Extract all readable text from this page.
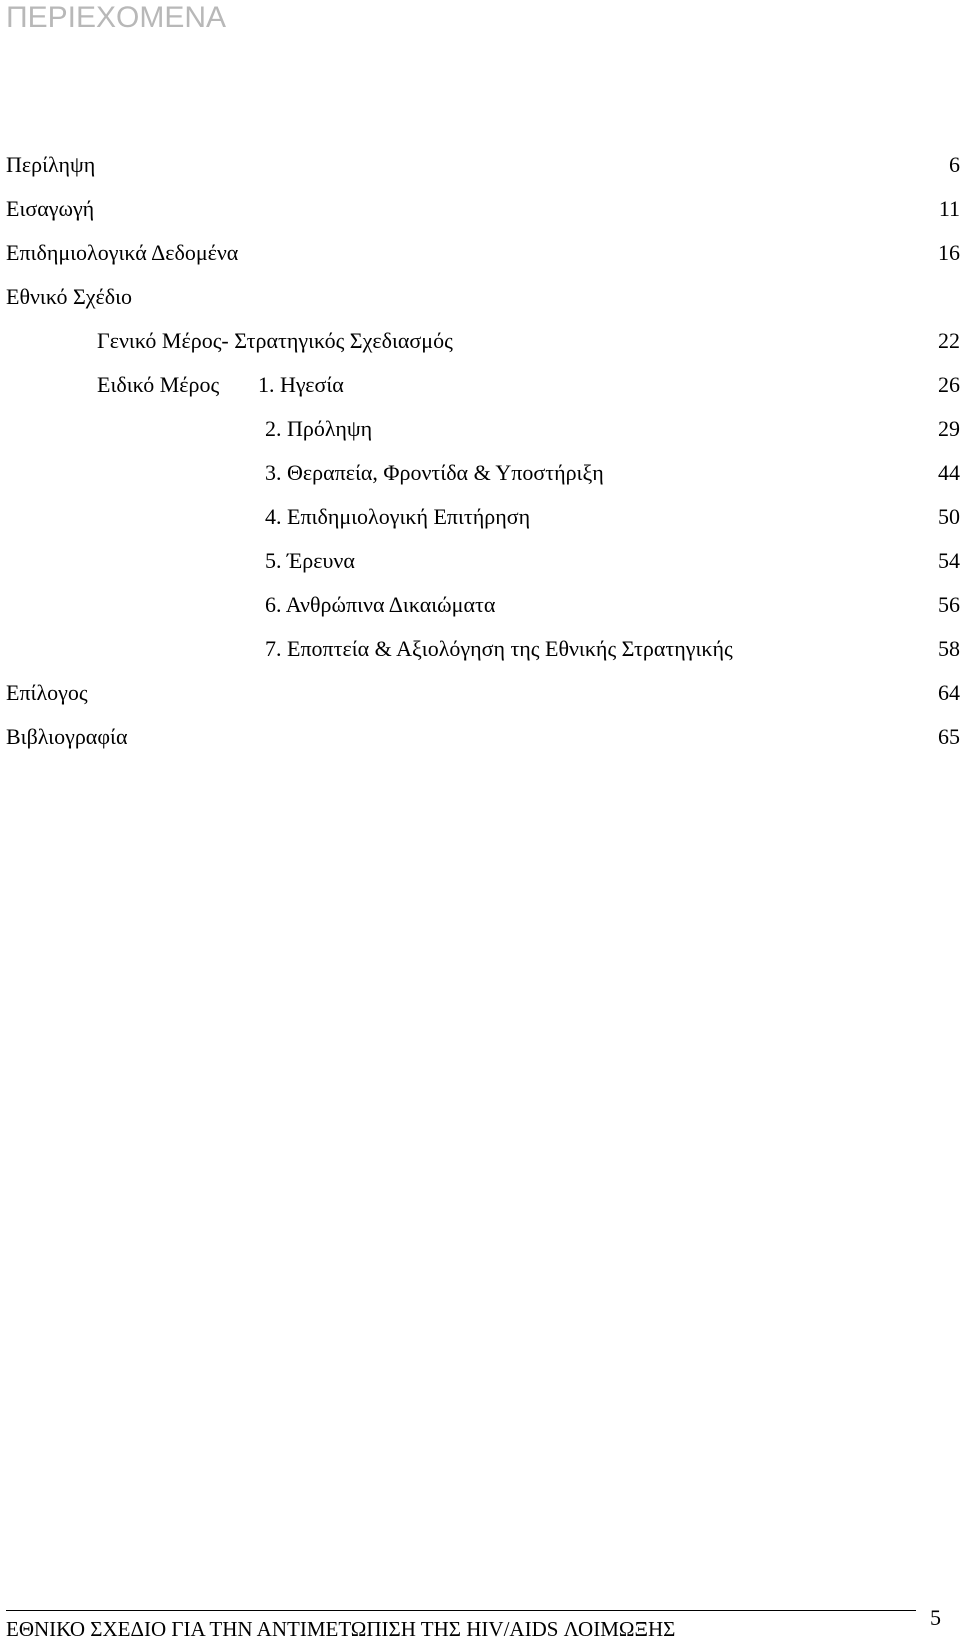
ΠΕΡΙΕΧΟΜΕΝΑ
Περίληψη	6
Εισαγωγή	11
Επιδημιολογικά Δεδομένα	16
Εθνικό Σχέδιο
Γενικό Μέρος- Στρατηγικός Σχεδιασμός	22
Ειδικό Μέρος 1. Ηγεσία	26
2. Πρόληψη	29
3. Θεραπεία, Φροντίδα & Υποστήριξη	44
4. Επιδημιολογική Επιτήρηση	50
5. Έρευνα	54
6. Ανθρώπινα Δικαιώματα	56
7. Εποπτεία & Αξιολόγηση της Εθνικής Στρατηγικής	58
Επίλογος	64
Βιβλιογραφία	65
ΕΘΝΙΚΟ ΣΧΕΔΙΟ ΓΙΑ ΤΗΝ ΑΝΤΙΜΕΤΩΠΙΣΗ ΤΗΣ HIV/AIDS ΛΟΙΜΩΞΗΣ	5
